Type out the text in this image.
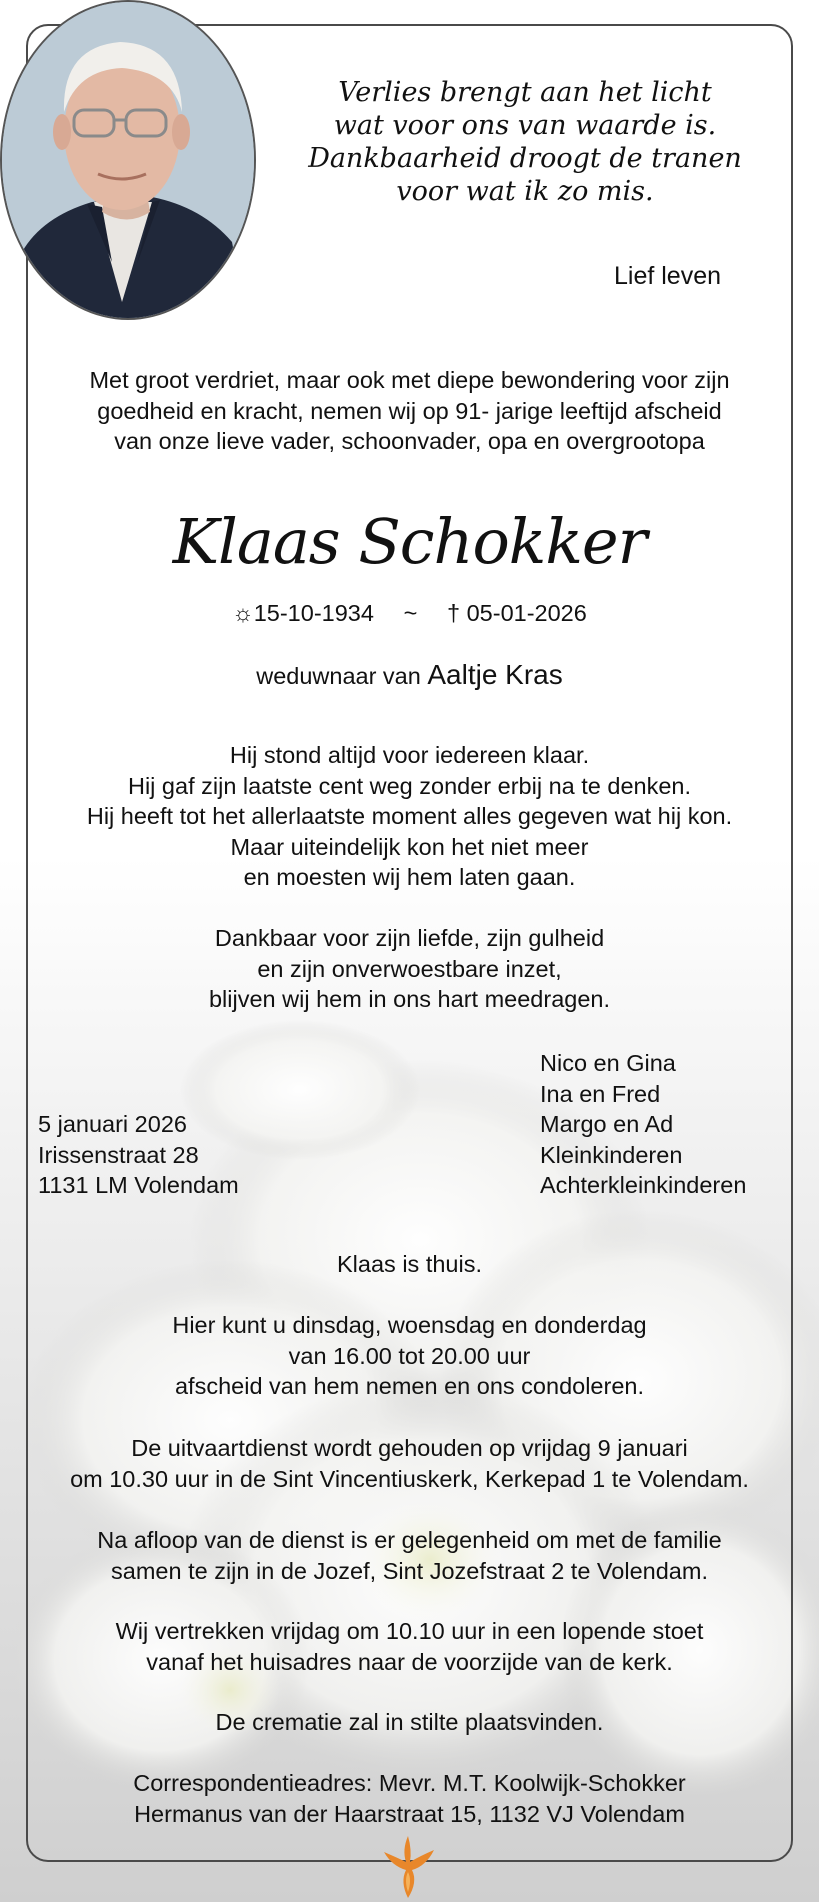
Verlies brengt aan het licht
wat voor ons van waarde is.
Dankbaarheid droogt de tranen
voor wat ik zo mis.
Lief leven
Met groot verdriet, maar ook met diepe bewondering voor zijn
goedheid en kracht, nemen wij op 91- jarige leeftijd afscheid
van onze lieve vader, schoonvader, opa en overgrootopa
Klaas Schokker
☼15-10-1934 ~ † 05-01-2026
weduwnaar van Aaltje Kras
Hij stond altijd voor iedereen klaar.
Hij gaf zijn laatste cent weg zonder erbij na te denken.
Hij heeft tot het allerlaatste moment alles gegeven wat hij kon.
Maar uiteindelijk kon het niet meer
en moesten wij hem laten gaan.
Dankbaar voor zijn liefde, zijn gulheid
en zijn onverwoestbare inzet,
blijven wij hem in ons hart meedragen.
5 januari 2026
Irissenstraat 28
1131 LM Volendam
Nico en Gina
Ina en Fred
Margo en Ad
Kleinkinderen
Achterkleinkinderen
Klaas is thuis.
Hier kunt u dinsdag, woensdag en donderdag
van 16.00 tot 20.00 uur
afscheid van hem nemen en ons condoleren.
De uitvaartdienst wordt gehouden op vrijdag 9 januari
om 10.30 uur in de Sint Vincentiuskerk, Kerkepad 1 te Volendam.
Na afloop van de dienst is er gelegenheid om met de familie
samen te zijn in de Jozef, Sint Jozefstraat 2 te Volendam.
Wij vertrekken vrijdag om 10.10 uur in een lopende stoet
vanaf het huisadres naar de voorzijde van de kerk.
De crematie zal in stilte plaatsvinden.
Correspondentieadres: Mevr. M.T. Koolwijk-Schokker
Hermanus van der Haarstraat 15, 1132 VJ Volendam
